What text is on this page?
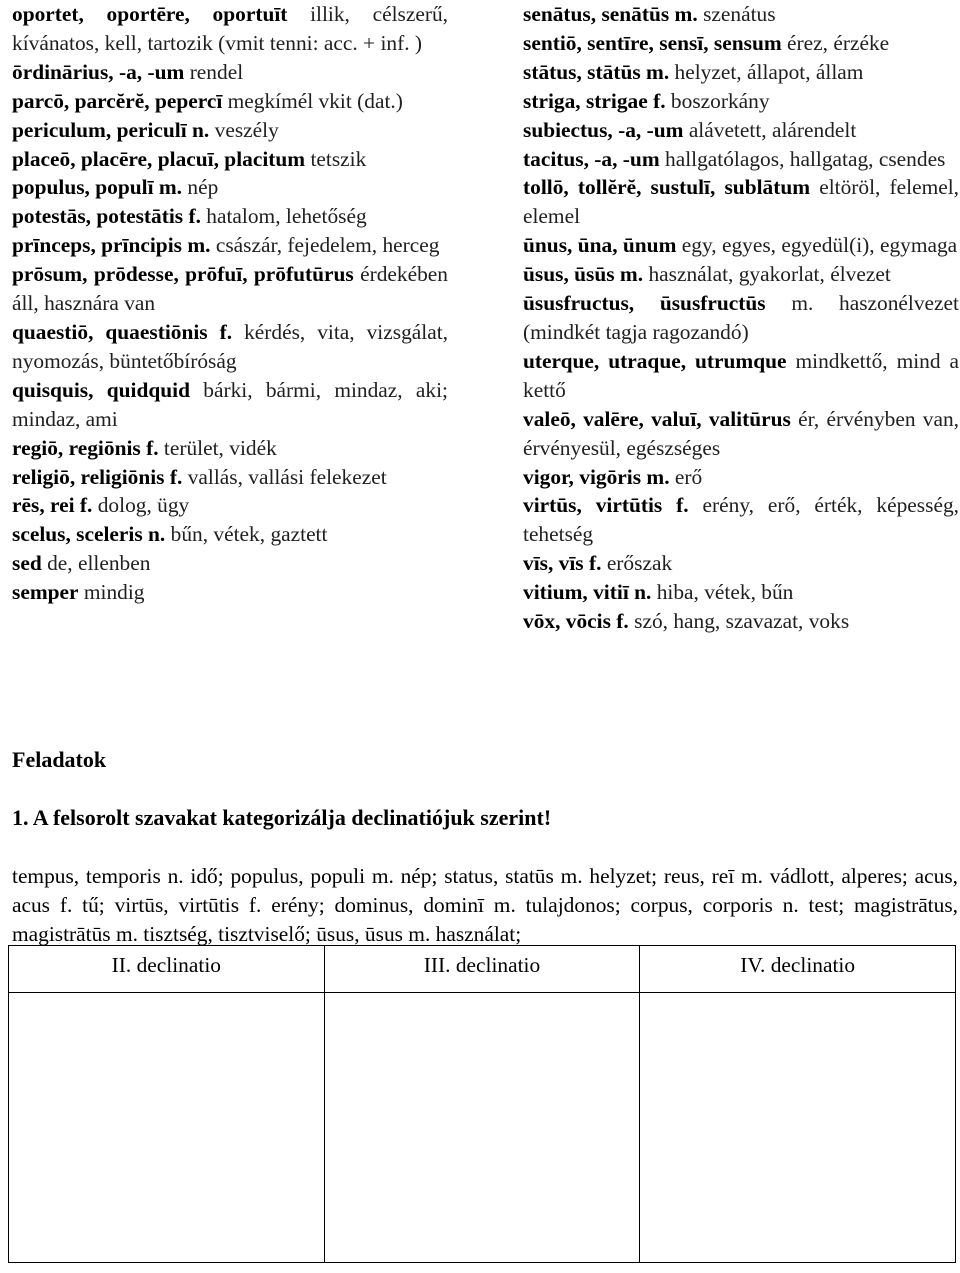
oportet, oportēre, oportuīt illik, célszerű, kívánatos, kell, tartozik (vmit tenni: acc. + inf. )

ōrdinārius, -a, -um rendel

parcō, parcĕrĕ, pepercī megkímél vkit (dat.)

periculum, periculī n. veszély

placeō, placēre, placuī, placitum tetszik

populus, populī m. nép

potestās, potestātis f. hatalom, lehetőség

prīnceps, prīncipis m. császár, fejedelem, herceg

prōsum, prōdesse, prōfuī, prōfutūrus érdekében áll, hasznára van

quaestiō, quaestiōnis f. kérdés, vita, vizsgálat, nyomozás, büntetőbíróság

quisquis, quidquid bárki, bármi, mindaz, aki; mindaz, ami

regiō, regiōnis f. terület, vidék

religiō, religiōnis f. vallás, vallási felekezet

rēs, rei f. dolog, ügy

scelus, sceleris n. bűn, vétek, gaztett

sed de, ellenben

semper mindig

senātus, senātūs m. szenátus

sentiō, sentīre, sensī, sensum érez, érzéke

stātus, stātūs m. helyzet, állapot, állam

striga, strigae f. boszorkány

subiectus, -a, -um alávetett, alárendelt

tacitus, -a, -um hallgatólagos, hallgatag, csendes

tollō, tollĕrĕ, sustulī, sublātum eltöröl, felemel, elemel

ūnus, ūna, ūnum egy, egyes, egyedül(i), egymaga

ūsus, ūsūs m. használat, gyakorlat, élvezet

ūsusfructus, ūsusfructūs m. haszonélvezet (mindkét tagja ragozandó)

uterque, utraque, utrumque mindkettő, mind a kettő

valeō, valēre, valuī, valitūrus ér, érvényben van, érvényesül, egészséges

vigor, vigōris m. erő

virtūs, virtūtis f. erény, erő, érték, képesség, tehetség

vīs, vīs f. erőszak

vitium, vitiī n. hiba, vétek, bűn

vōx, vōcis f. szó, hang, szavazat, voks

Feladatok
1. A felsorolt szavakat kategorizálja declinatiójuk szerint!
tempus, temporis n. idő; populus, populi m. nép; status, statūs m. helyzet; reus, reī m. vádlott, alperes; acus, acus f. tű; virtūs, virtūtis f. erény; dominus, dominī m. tulajdonos; corpus, corporis n. test; magistrātus, magistrātūs m. tisztség, tisztviselő; ūsus, ūsus m. használat;
II. declinatio	III. declinatio	IV. declinatio
